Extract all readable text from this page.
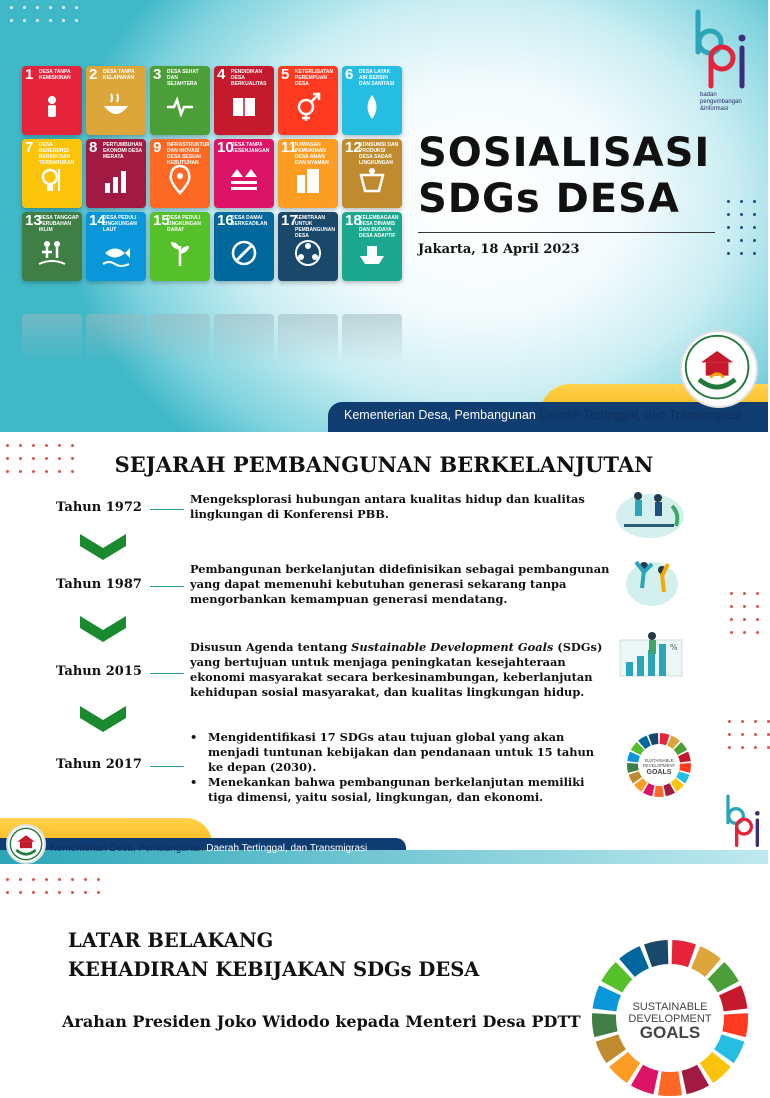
1 DESA TANPA KEMISKINAN	2 DESA TANPA KELAPARAN	3 DESA SEHAT DAN SEJAHTERA
4 PENDIDIKAN DESA BERKUALITAS
5 KETERLIBATAN PEREMPUAN DESA
6 DESA LAYAK AIR BERSIH DAN SANITASI
7 DESA BERENERGI BERSIH DAN TERBARUKAN
8 PERTUMBUHAN EKONOMI DESA MERATA
9 INFRASTRUKTUR DAN INOVASI DESA SESUAI KEBUTUHAN
10
DESA TANPA KESENJANGAN 11
KAWASAN PEMUKIMAN DESA AMAN DAN NYAMAN
12
KONSUMSI DAN PRODUKSI DESA SADAR LINGKUNGAN
13
DESA TANGGAP PERUBAHAN IKLIM
14
DESA PEDULI LINGKUNGAN LAUT
15
DESA PEDULI LINGKUNGAN DARAT
16
DESA DAMAI BERKEADILAN 17
KEMITRAAN UNTUK PEMBANGUNAN DESA
18
KELEMBAGAAN DESA DINAMIS DAN BUDAYA DESA ADAPTIF
SOSIALISASI
SDGs DESA
Jakarta, 18 April 2023
badan
pengembangan
&informasi
Kementerian Desa, Pembangunan Daerah Tertinggal, dan Transmigrasi
SEJARAH PEMBANGUNAN BERKELANJUTAN
Tahun 1972
Mengeksplorasi hubungan antara kualitas hidup dan kualitas lingkungan di Konferensi PBB.
Tahun 1987
Pembangunan berkelanjutan didefinisikan sebagai pembangunan yang dapat memenuhi kebutuhan generasi sekarang tanpa mengorbankan kemampuan generasi mendatang.
Tahun 2015
Disusun Agenda tentang Sustainable Development Goals (SDGs) yang bertujuan untuk menjaga peningkatan kesejahteraan ekonomi masyarakat secara berkesinambungan, keberlanjutan kehidupan sosial masyarakat, dan kualitas lingkungan hidup.
Tahun 2017
• Mengidentifikasi 17 SDGs atau tujuan global yang akan menjadi tuntunan kebijakan dan pendanaan untuk 15 tahun ke depan (2030).
• Menekankan bahwa pembangunan berkelanjutan memiliki tiga dimensi, yaitu sosial, lingkungan, dan ekonomi.
%
SUSTAINABLE
DEVELOPMENT
GOALS
Kementerian Desa, Pembangunan Daerah Tertinggal, dan Transmigrasi
LATAR BELAKANG
KEHADIRAN KEBIJAKAN SDGs DESA
Arahan Presiden Joko Widodo kepada Menteri Desa PDTT
SUSTAINABLE
DEVELOPMENT
GOALS
